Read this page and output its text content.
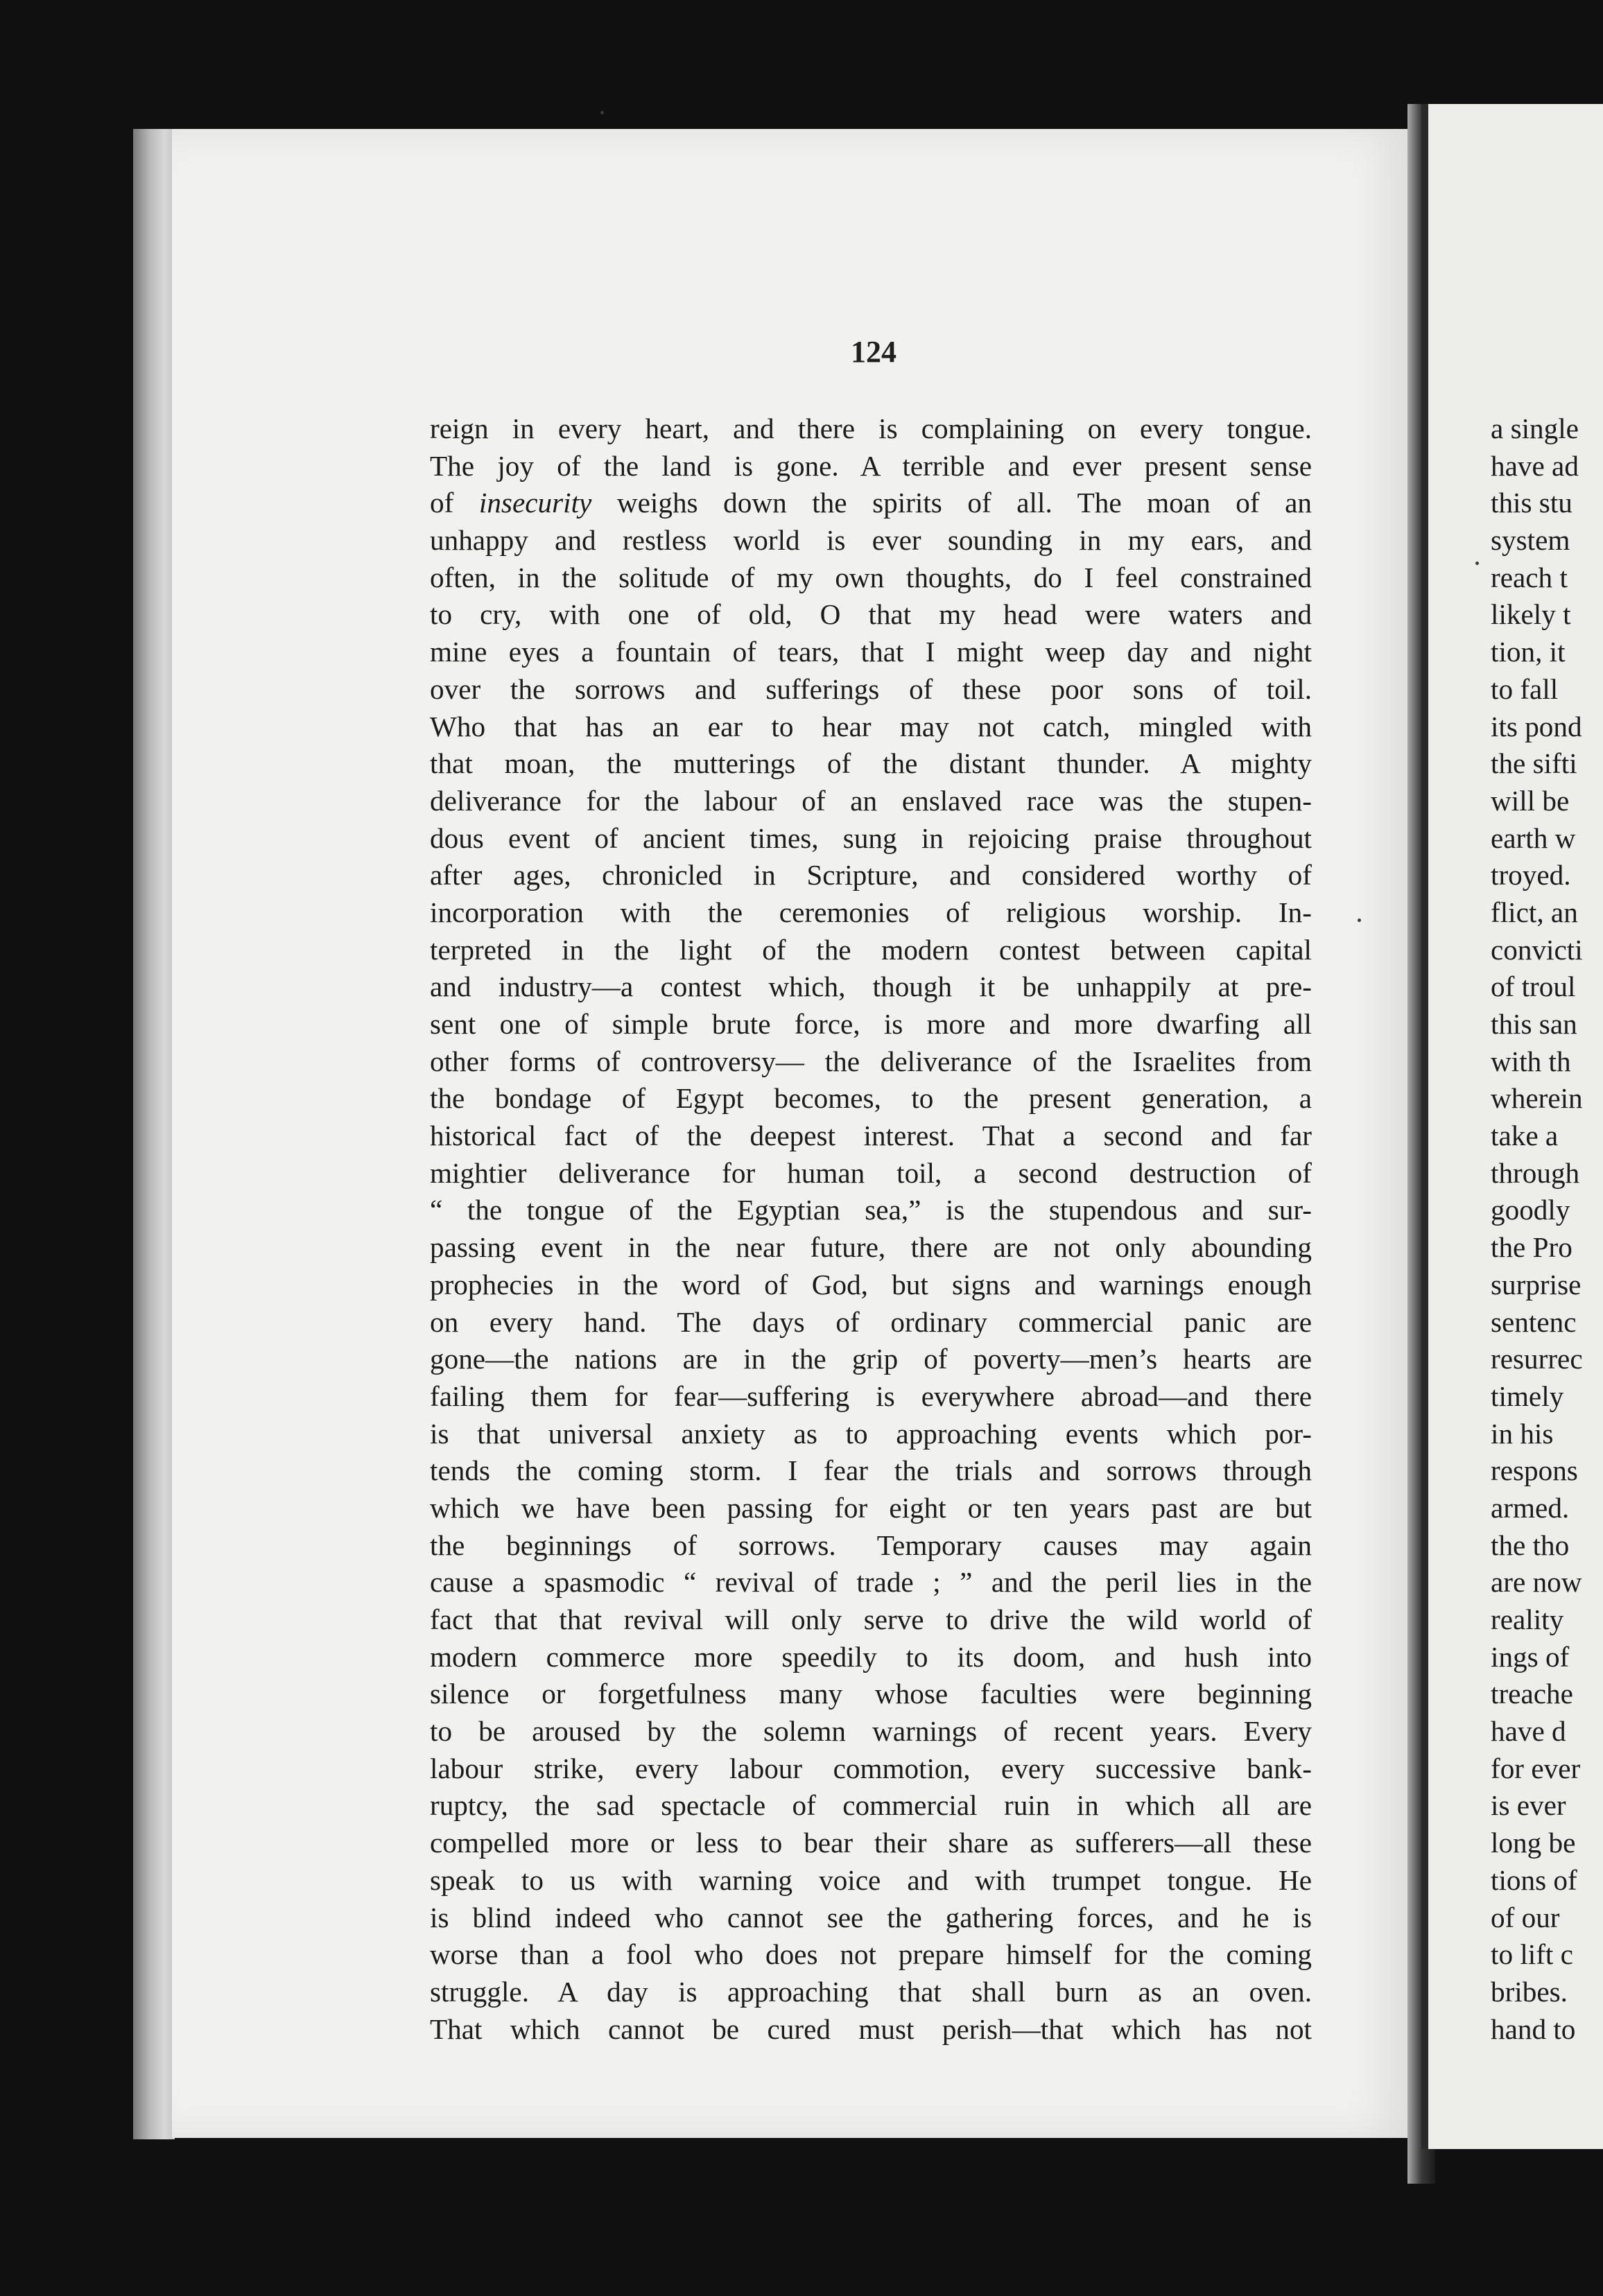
124
reign in every heart, and there is complaining on every tongue.
The joy of the land is gone. A terrible and ever present sense
of insecurity weighs down the spirits of all. The moan of an
unhappy and restless world is ever sounding in my ears, and
often, in the solitude of my own thoughts, do I feel constrained
to cry, with one of old, O that my head were waters and
mine eyes a fountain of tears, that I might weep day and night
over the sorrows and sufferings of these poor sons of toil.
Who that has an ear to hear may not catch, mingled with
that moan, the mutterings of the distant thunder. A mighty
deliverance for the labour of an enslaved race was the stupen-
dous event of ancient times, sung in rejoicing praise throughout
after ages, chronicled in Scripture, and considered worthy of
incorporation with the ceremonies of religious worship. In-
terpreted in the light of the modern contest between capital
and industry—a contest which, though it be unhappily at pre-
sent one of simple brute force, is more and more dwarfing all
other forms of controversy— the deliverance of the Israelites from
the bondage of Egypt becomes, to the present generation, a
historical fact of the deepest interest. That a second and far
mightier deliverance for human toil, a second destruction of
“ the tongue of the Egyptian sea,” is the stupendous and sur-
passing event in the near future, there are not only abounding
prophecies in the word of God, but signs and warnings enough
on every hand. The days of ordinary commercial panic are
gone—the nations are in the grip of poverty—men’s hearts are
failing them for fear—suffering is everywhere abroad—and there
is that universal anxiety as to approaching events which por-
tends the coming storm. I fear the trials and sorrows through
which we have been passing for eight or ten years past are but
the beginnings of sorrows. Temporary causes may again
cause a spasmodic “ revival of trade ; ” and the peril lies in the
fact that that revival will only serve to drive the wild world of
modern commerce more speedily to its doom, and hush into
silence or forgetfulness many whose faculties were beginning
to be aroused by the solemn warnings of recent years. Every
labour strike, every labour commotion, every successive bank-
ruptcy, the sad spectacle of commercial ruin in which all are
compelled more or less to bear their share as sufferers—all these
speak to us with warning voice and with trumpet tongue. He
is blind indeed who cannot see the gathering forces, and he is
worse than a fool who does not prepare himself for the coming
struggle. A day is approaching that shall burn as an oven.
That which cannot be cured must perish—that which has not
a single
have ad
this stu
system
reach t
likely t
tion, it
to fall
its pond
the sifti
will be
earth w
troyed.
flict, an
convicti
of troul
this san
with th
wherein
take a
through
goodly
the Pro
surprise
sentenc
resurrec
timely
in his
respons
armed.
the tho
are now
reality
ings of
treache
have d
for ever
is ever
long be
tions of
of our
to lift c
bribes.
hand to
